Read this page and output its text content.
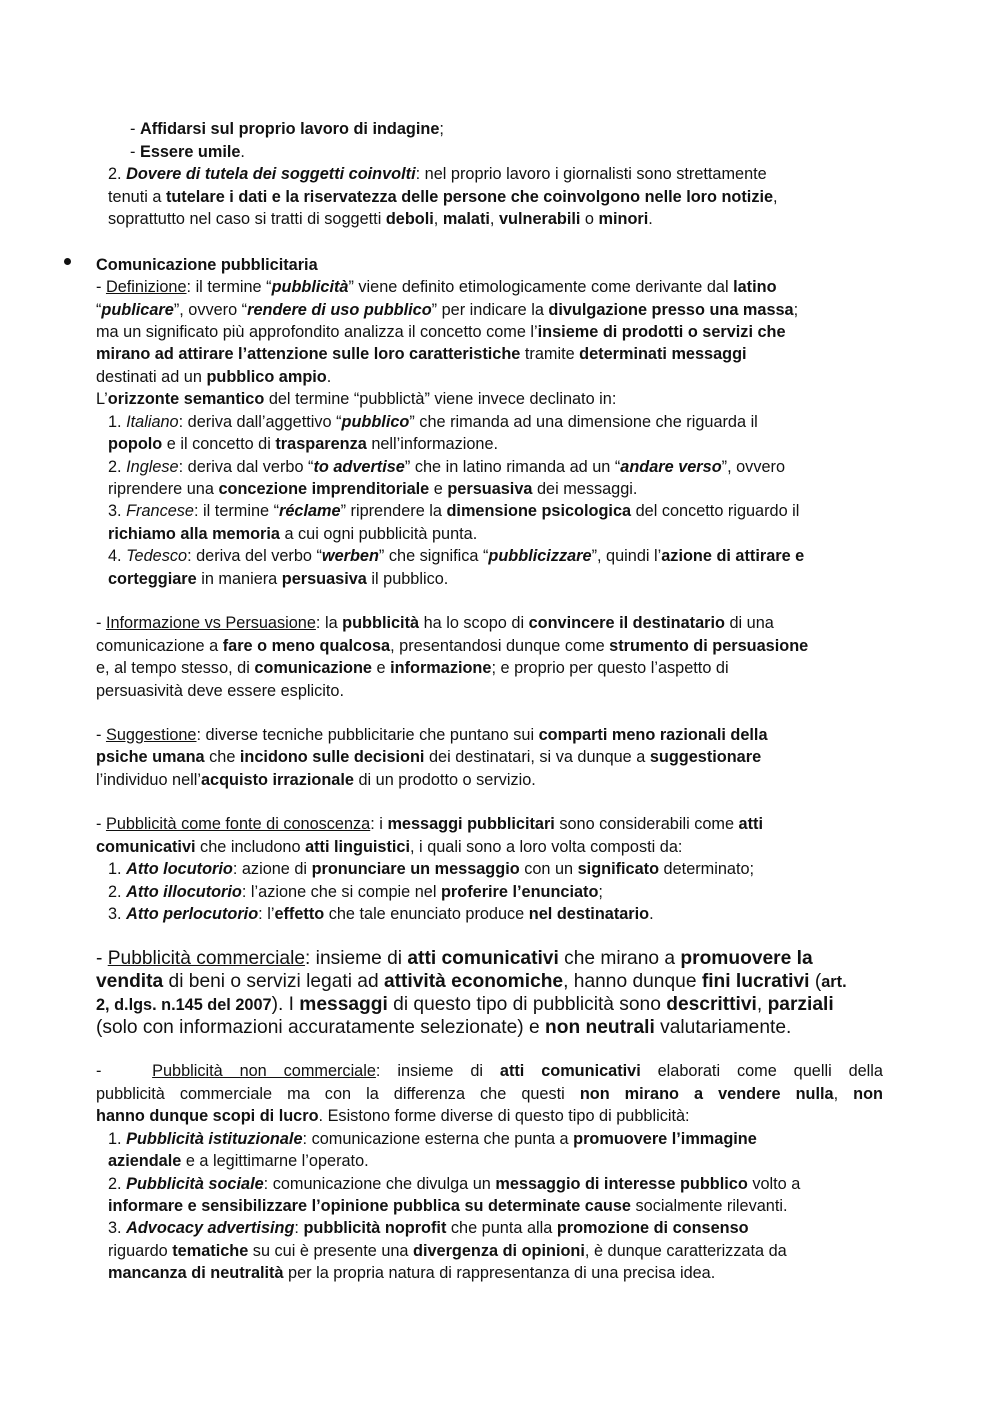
- Affidarsi sul proprio lavoro di indagine;

- Essere umile.

2. Dovere di tutela dei soggetti coinvolti: nel proprio lavoro i giornalisti sono strettamente

tenuti a tutelare i dati e la riservatezza delle persone che coinvolgono nelle loro notizie,

soprattutto nel caso si tratti di soggetti deboli, malati, vulnerabili o minori.

Comunicazione pubblicitaria

- Definizione: il termine “pubblicità” viene definito etimologicamente come derivante dal latino

“publicare”, ovvero “rendere di uso pubblico” per indicare la divulgazione presso una massa;

ma un significato più approfondito analizza il concetto come l’insieme di prodotti o servizi che

mirano ad attirare l’attenzione sulle loro caratteristiche tramite determinati messaggi

destinati ad un pubblico ampio.

L’orizzonte semantico del termine “pubblictà” viene invece declinato in:

1. Italiano: deriva dall’aggettivo “pubblico” che rimanda ad una dimensione che riguarda il

popolo e il concetto di trasparenza nell’informazione.

2. Inglese: deriva dal verbo “to advertise” che in latino rimanda ad un “andare verso”, ovvero

riprendere una concezione imprenditoriale e persuasiva dei messaggi.

3. Francese: il termine “réclame” riprendere la dimensione psicologica del concetto riguardo il

richiamo alla memoria a cui ogni pubblicità punta.

4. Tedesco: deriva del verbo “werben” che significa “pubblicizzare”, quindi l’azione di attirare e

corteggiare in maniera persuasiva il pubblico.

- Informazione vs Persuasione: la pubblicità ha lo scopo di convincere il destinatario di una

comunicazione a fare o meno qualcosa, presentandosi dunque come strumento di persuasione

e, al tempo stesso, di comunicazione e informazione; e proprio per questo l’aspetto di

persuasività deve essere esplicito.

- Suggestione: diverse tecniche pubblicitarie che puntano sui comparti meno razionali della

psiche umana che incidono sulle decisioni dei destinatari, si va dunque a suggestionare

l’individuo nell’acquisto irrazionale di un prodotto o servizio.

- Pubblicità come fonte di conoscenza: i messaggi pubblicitari sono considerabili come atti

comunicativi che includono atti linguistici, i quali sono a loro volta composti da:

1. Atto locutorio: azione di pronunciare un messaggio con un significato determinato;

2. Atto illocutorio: l’azione che si compie nel proferire l’enunciato;

3. Atto perlocutorio: l’effetto che tale enunciato produce nel destinatario.

- Pubblicità commerciale: insieme di atti comunicativi che mirano a promuovere la

vendita di beni o servizi legati ad attività economiche, hanno dunque fini lucrativi (art.

2, d.lgs. n.145 del 2007). I messaggi di questo tipo di pubblicità sono descrittivi, parziali

(solo con informazioni accuratamente selezionate) e non neutrali valutariamente.

-   Pubblicità non commerciale: insieme di atti comunicativi elaborati come quelli della

pubblicità commerciale ma con la differenza che questi non mirano a vendere nulla, non

hanno dunque scopi di lucro. Esistono forme diverse di questo tipo di pubblicità:

1. Pubblicità istituzionale: comunicazione esterna che punta a promuovere l’immagine

aziendale e a legittimarne l’operato.

2. Pubblicità sociale: comunicazione che divulga un messaggio di interesse pubblico volto a

informare e sensibilizzare l’opinione pubblica su determinate cause socialmente rilevanti.

3. Advocacy advertising: pubblicità noprofit che punta alla promozione di consenso

riguardo tematiche su cui è presente una divergenza di opinioni, è dunque caratterizzata da

mancanza di neutralità per la propria natura di rappresentanza di una precisa idea.
